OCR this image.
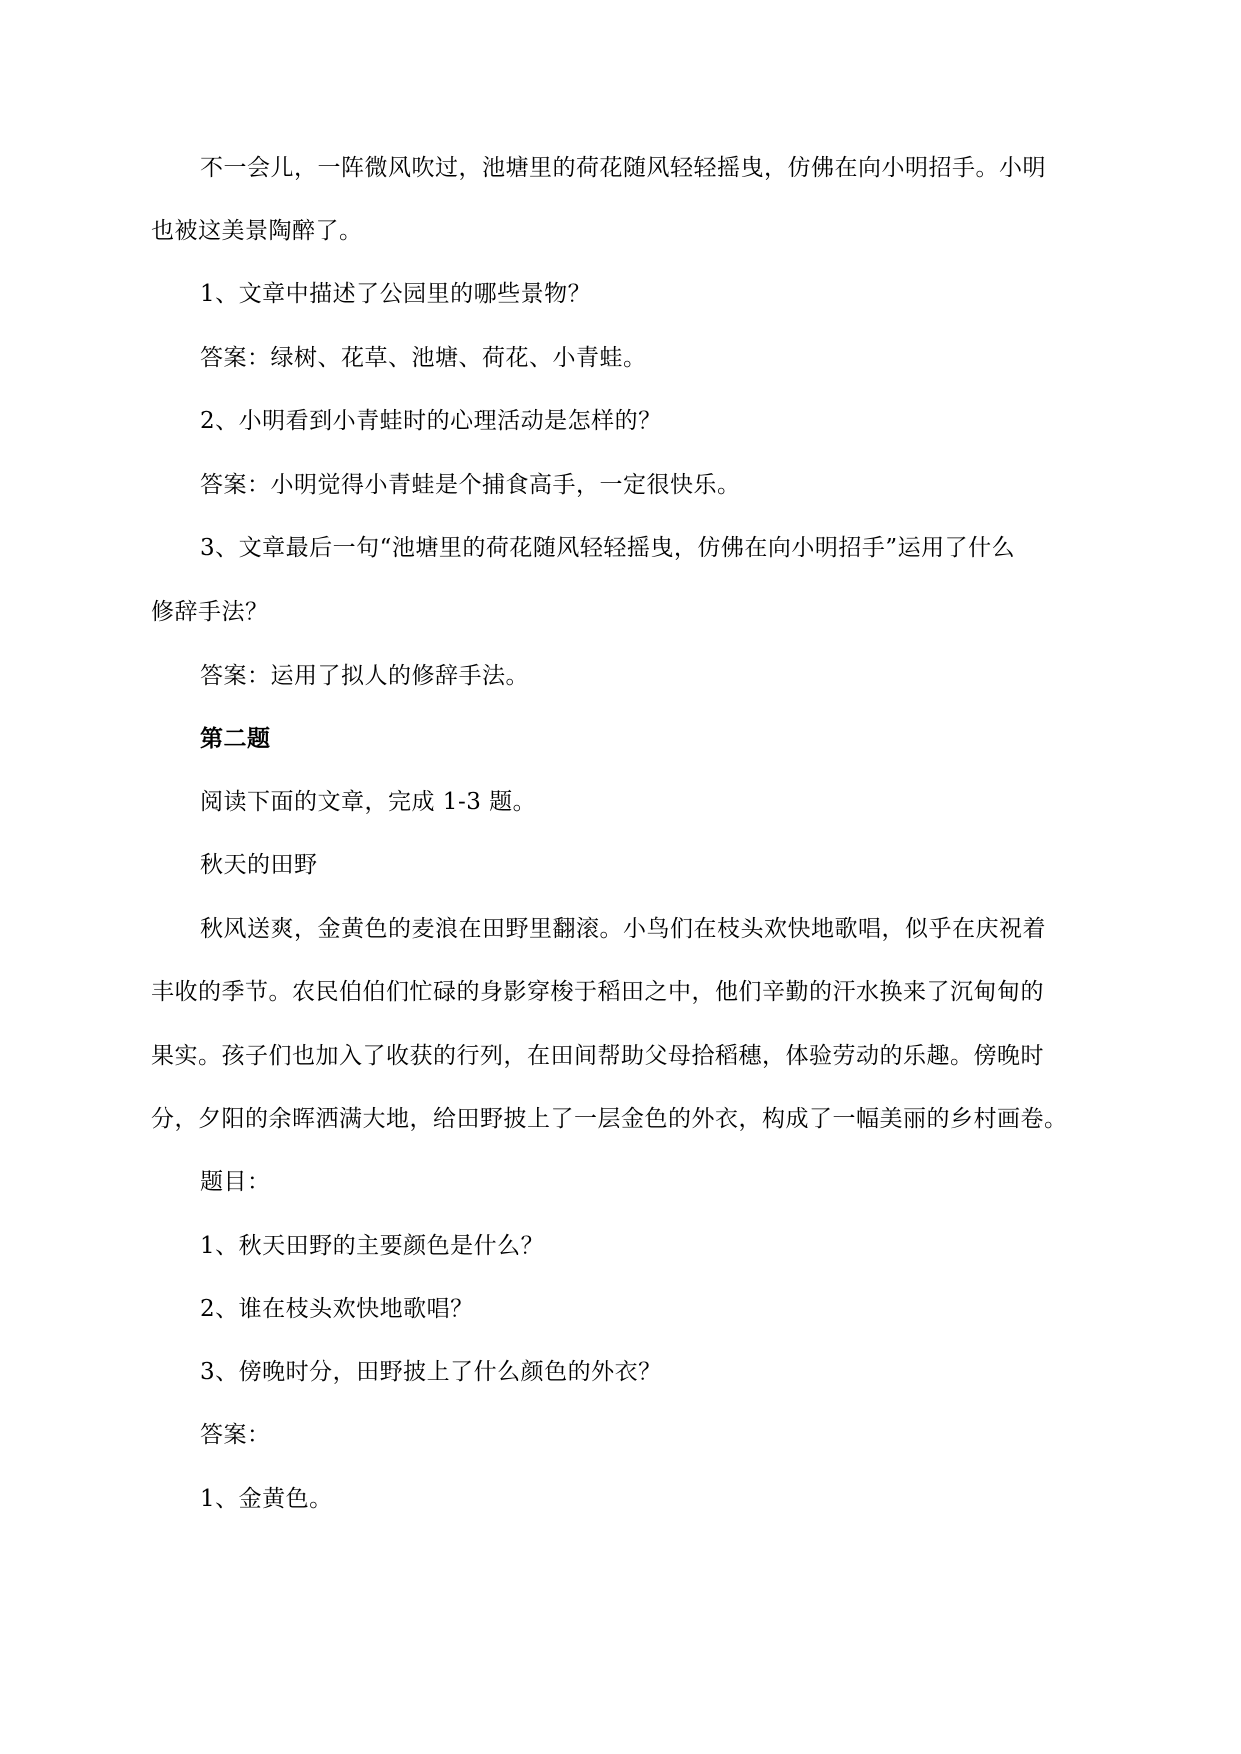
不一会儿，一阵微风吹过，池塘里的荷花随风轻轻摇曳，仿佛在向小明招手。小明
也被这美景陶醉了。
1、文章中描述了公园里的哪些景物？
答案：绿树、花草、池塘、荷花、小青蛙。
2、小明看到小青蛙时的心理活动是怎样的？
答案：小明觉得小青蛙是个捕食高手，一定很快乐。
3、文章最后一句“池塘里的荷花随风轻轻摇曳，仿佛在向小明招手”运用了什么
修辞手法？
答案：运用了拟人的修辞手法。
第二题
阅读下面的文章，完成 1-3 题。
秋天的田野
秋风送爽，金黄色的麦浪在田野里翻滚。小鸟们在枝头欢快地歌唱，似乎在庆祝着
丰收的季节。农民伯伯们忙碌的身影穿梭于稻田之中，他们辛勤的汗水换来了沉甸甸的
果实。孩子们也加入了收获的行列，在田间帮助父母拾稻穗，体验劳动的乐趣。傍晚时
分，夕阳的余晖洒满大地，给田野披上了一层金色的外衣，构成了一幅美丽的乡村画卷。
题目：
1、秋天田野的主要颜色是什么？
2、谁在枝头欢快地歌唱？
3、傍晚时分，田野披上了什么颜色的外衣？
答案：
1、金黄色。
